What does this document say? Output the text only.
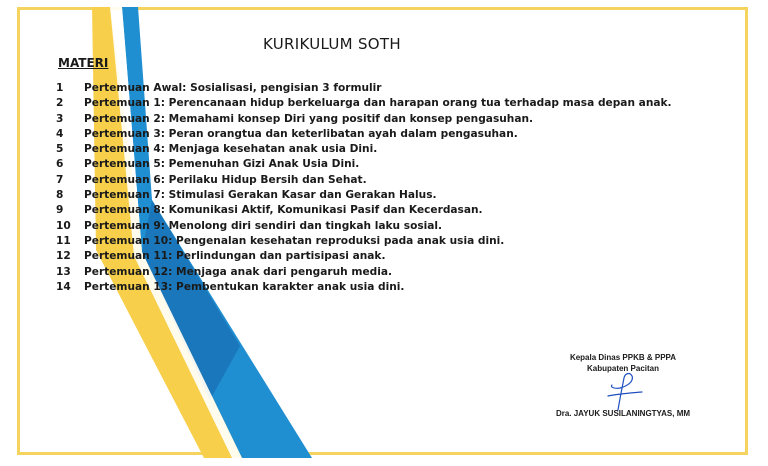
KURIKULUM SOTH
MATERI
1 Pertemuan Awal: Sosialisasi, pengisian 3 formulir
2 Pertemuan 1: Perencanaan hidup berkeluarga dan harapan orang tua terhadap masa depan anak.
3 Pertemuan 2: Memahami konsep Diri yang positif dan konsep pengasuhan.
4 Pertemuan 3: Peran orangtua dan keterlibatan ayah dalam pengasuhan.
5 Pertemuan 4: Menjaga kesehatan anak usia Dini.
6 Pertemuan 5: Pemenuhan Gizi Anak Usia Dini.
7 Pertemuan 6: Perilaku Hidup Bersih dan Sehat.
8 Pertemuan 7: Stimulasi Gerakan Kasar dan Gerakan Halus.
9 Pertemuan 8: Komunikasi Aktif, Komunikasi Pasif dan Kecerdasan.
10 Pertemuan 9: Menolong diri sendiri dan tingkah laku sosial.
11 Pertemuan 10: Pengenalan kesehatan reproduksi pada anak usia dini.
12 Pertemuan 11: Perlindungan dan partisipasi anak.
13 Pertemuan 12: Menjaga anak dari pengaruh media.
14 Pertemuan 13: Pembentukan karakter anak usia dini.
Kepala Dinas PPKB & PPPA
Kabupaten Pacitan
Dra. JAYUK SUSILANINGTYAS, MM
